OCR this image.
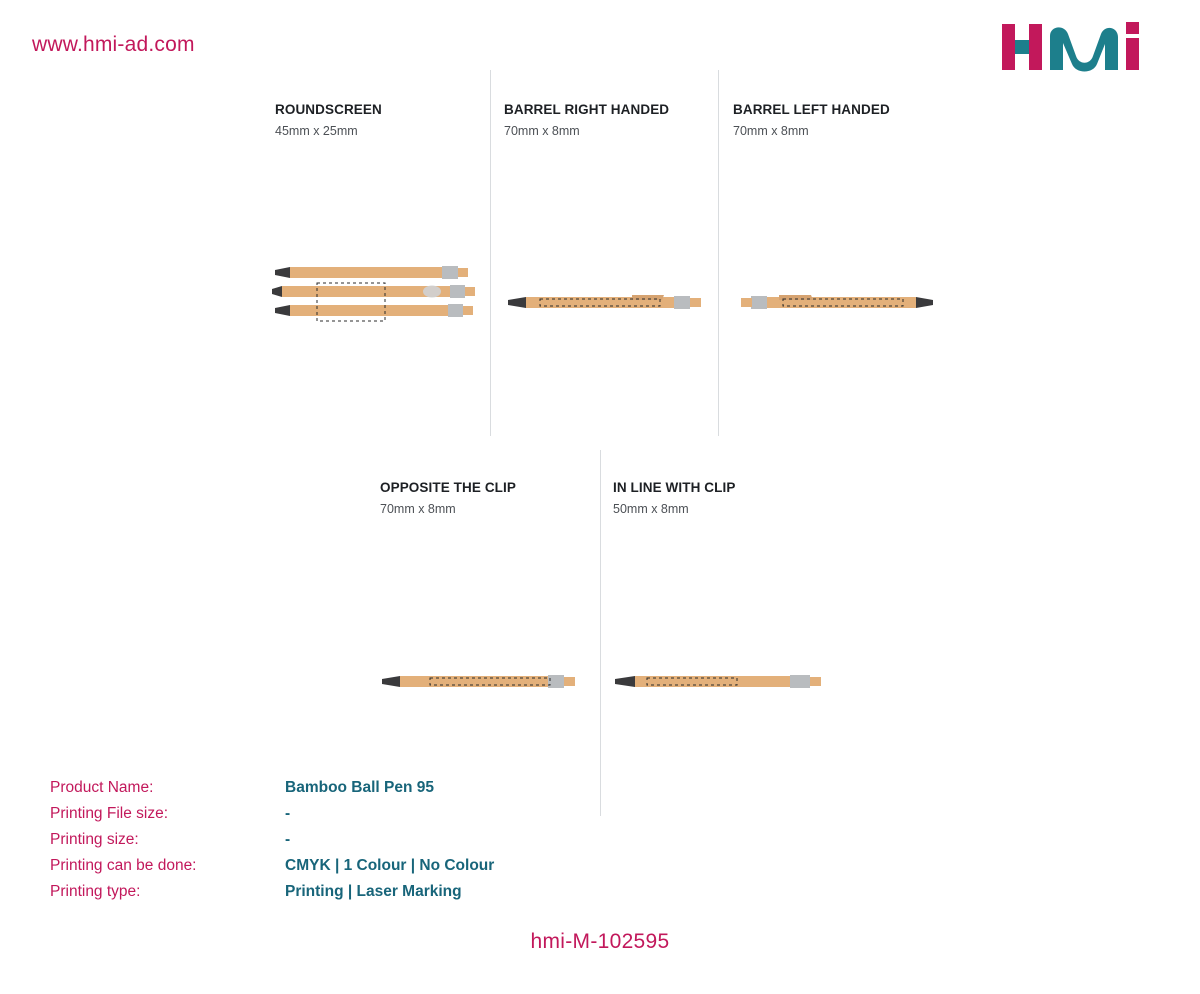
www.hmi-ad.com
ROUNDSCREEN
45mm x 25mm
BARREL RIGHT HANDED
70mm x 8mm
BARREL LEFT HANDED
70mm x 8mm
OPPOSITE THE CLIP
70mm x 8mm
IN LINE WITH CLIP
50mm x 8mm
Product Name:	Bamboo Ball Pen 95
Printing File size:	-
Printing size:	-
Printing can be done:	CMYK | 1 Colour | No Colour
Printing type:	Printing | Laser Marking
hmi-M-102595
